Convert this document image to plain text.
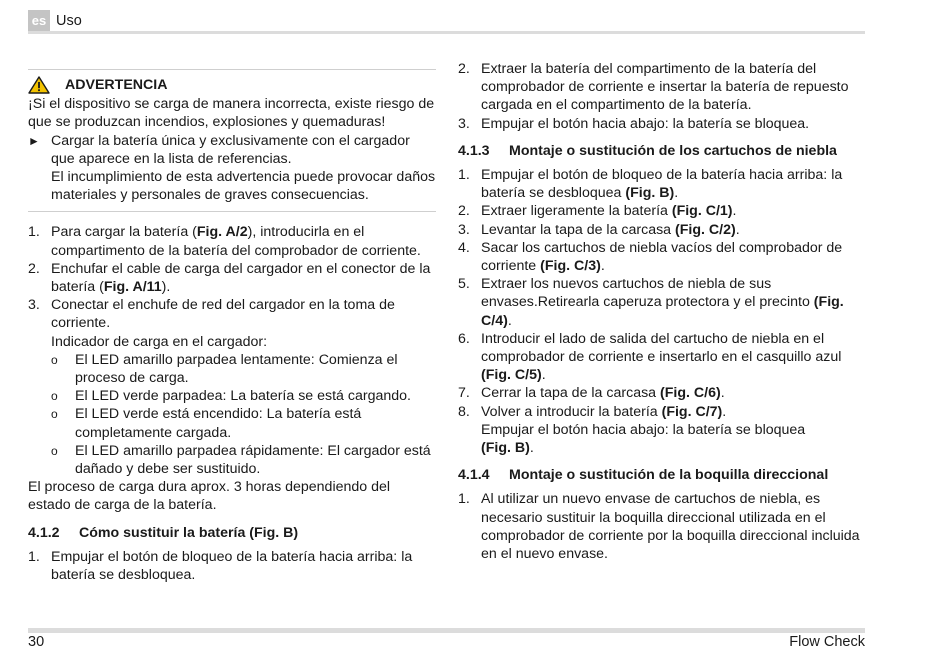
es Uso
ADVERTENCIA

¡Si el dispositivo se carga de manera incorrecta, existe riesgo de que se produzcan incendios, explosiones y quemaduras!

► Cargar la batería única y exclusivamente con el cargador que aparece en la lista de referencias.
El incumplimiento de esta advertencia puede provocar daños materiales y personales de graves consecuencias.
1. Para cargar la batería (Fig. A/2), introducirla en el compartimento de la batería del comprobador de corriente.
2. Enchufar el cable de carga del cargador en el conector de la batería (Fig. A/11).
3. Conectar el enchufe de red del cargador en la toma de corriente.
Indicador de carga en el cargador:
o	El LED amarillo parpadea lentamente: Comienza el proceso de carga.
o	El LED verde parpadea: La batería se está cargando.
o	El LED verde está encendido: La batería está completamente cargada.
o	El LED amarillo parpadea rápidamente: El cargador está dañado y debe ser sustituido.

El proceso de carga dura aprox. 3 horas dependiendo del estado de carga de la batería.

4.1.2	Cómo sustituir la batería (Fig. B)
1. Empujar el botón de bloqueo de la batería hacia arriba: la batería se desbloquea.
2. Extraer la batería del compartimento de la batería del comprobador de corriente e insertar la batería de repuesto cargada en el compartimento de la batería.
3. Empujar el botón hacia abajo: la batería se bloquea.
4.1.3	Montaje o sustitución de los cartuchos de niebla
1. Empujar el botón de bloqueo de la batería hacia arriba: la batería se desbloquea (Fig. B).
2. Extraer ligeramente la batería (Fig. C/1).
3. Levantar la tapa de la carcasa (Fig. C/2).
4. Sacar los cartuchos de niebla vacíos del comprobador de corriente (Fig. C/3).
5. Extraer los nuevos cartuchos de niebla de sus envases.Retirearla caperuza protectora y el precinto (Fig. C/4).
6. Introducir el lado de salida del cartucho de niebla en el comprobador de corriente e insertarlo en el casquillo azul (Fig. C/5).
7. Cerrar la tapa de la carcasa (Fig. C/6).
8. Volver a introducir la batería (Fig. C/7).
Empujar el botón hacia abajo: la batería se bloquea
(Fig. B).
4.1.4	Montaje o sustitución de la boquilla direccional
1. Al utilizar un nuevo envase de cartuchos de niebla, es necesario sustituir la boquilla direccional utilizada en el comprobador de corriente por la boquilla direccional incluida en el nuevo envase.
30	Flow Check
